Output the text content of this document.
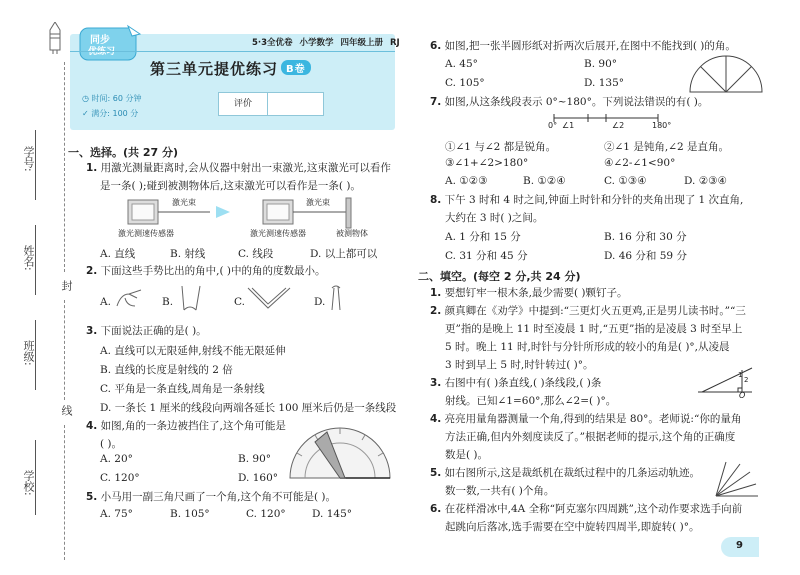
封
线
学号:
姓名:
班级:
学校:
同步
优练习
5·3全优卷 小学数学 四年级上册 RJ
第三单元提优练习 B卷
◷ 时间: 60 分钟
✓ 满分: 100 分
评价
一、选择。(共 27 分)
1. 用激光测量距离时,会从仪器中射出一束激光,这束激光可以看作
是一条( );碰到被测物体后,这束激光可以看作是一条( )。
激光束	激光束
激光测速传感器	激光测速传感器	被测物体
A. 直线	B. 射线	C. 线段	D. 以上都可以
2. 下面这些手势比出的角中,( )中的角的度数最小。
A.	B.	C.	D.
3. 下面说法正确的是( )。
A. 直线可以无限延伸,射线不能无限延伸
B. 直线的长度是射线的 2 倍
C. 平角是一条直线,周角是一条射线
D. 一条长 1 厘米的线段向两端各延长 100 厘米后仍是一条线段
4. 如图,角的一条边被挡住了,这个角可能是
( )。
A. 20°	B. 90°
C. 120°	D. 160°
5. 小马用一副三角尺画了一个角,这个角不可能是( )。
A. 75°	B. 105°	C. 120°	D. 145°
6. 如图,把一张半圆形纸对折两次后展开,在图中不能找到( )的角。
A. 45°	B. 90°
C. 105°	D. 135°
7. 如图,从这条线段表示 0°~180°。下列说法错误的有( )。
0° ∠1	∠2	180°
①∠1 与∠2 都是锐角。	②∠1 是钝角,∠2 是直角。
③∠1+∠2>180°	④∠2-∠1<90°
A. ①②③	B. ①②④	C. ①③④	D. ②③④
8. 下午 3 时和 4 时之间,钟面上时针和分针的夹角出现了 1 次直角,
大约在 3 时( )之间。
A. 1 分和 15 分	B. 16 分和 30 分
C. 31 分和 45 分	D. 46 分和 59 分
二、填空。(每空 2 分,共 24 分)
1. 要想钉牢一根木条,最少需要( )颗钉子。
2. 颜真卿在《劝学》中提到:“三更灯火五更鸡,正是男儿读书时。”“三
更”指的是晚上 11 时至凌晨 1 时,“五更”指的是凌晨 3 时至早上
5 时。晚上 11 时,时针与分针所形成的较小的角是( )°,从凌晨
3 时到早上 5 时,时针转过( )°。
3. 右图中有( )条直线,( )条线段,( )条
射线。已知∠1=60°,那么∠2=( )°。
1
2
O
4. 亮亮用量角器测量一个角,得到的结果是 80°。老师说:“你的量角
方法正确,但内外刻度读反了。”根据老师的提示,这个角的正确度
数是( )。
5. 如右图所示,这是裁纸机在裁纸过程中的几条运动轨迹。
数一数,一共有( )个角。
6. 在花样滑冰中,4A 全称“阿克塞尔四周跳”,这个动作要求选手向前
起跳向后落冰,选手需要在空中旋转四周半,即旋转( )°。
9
